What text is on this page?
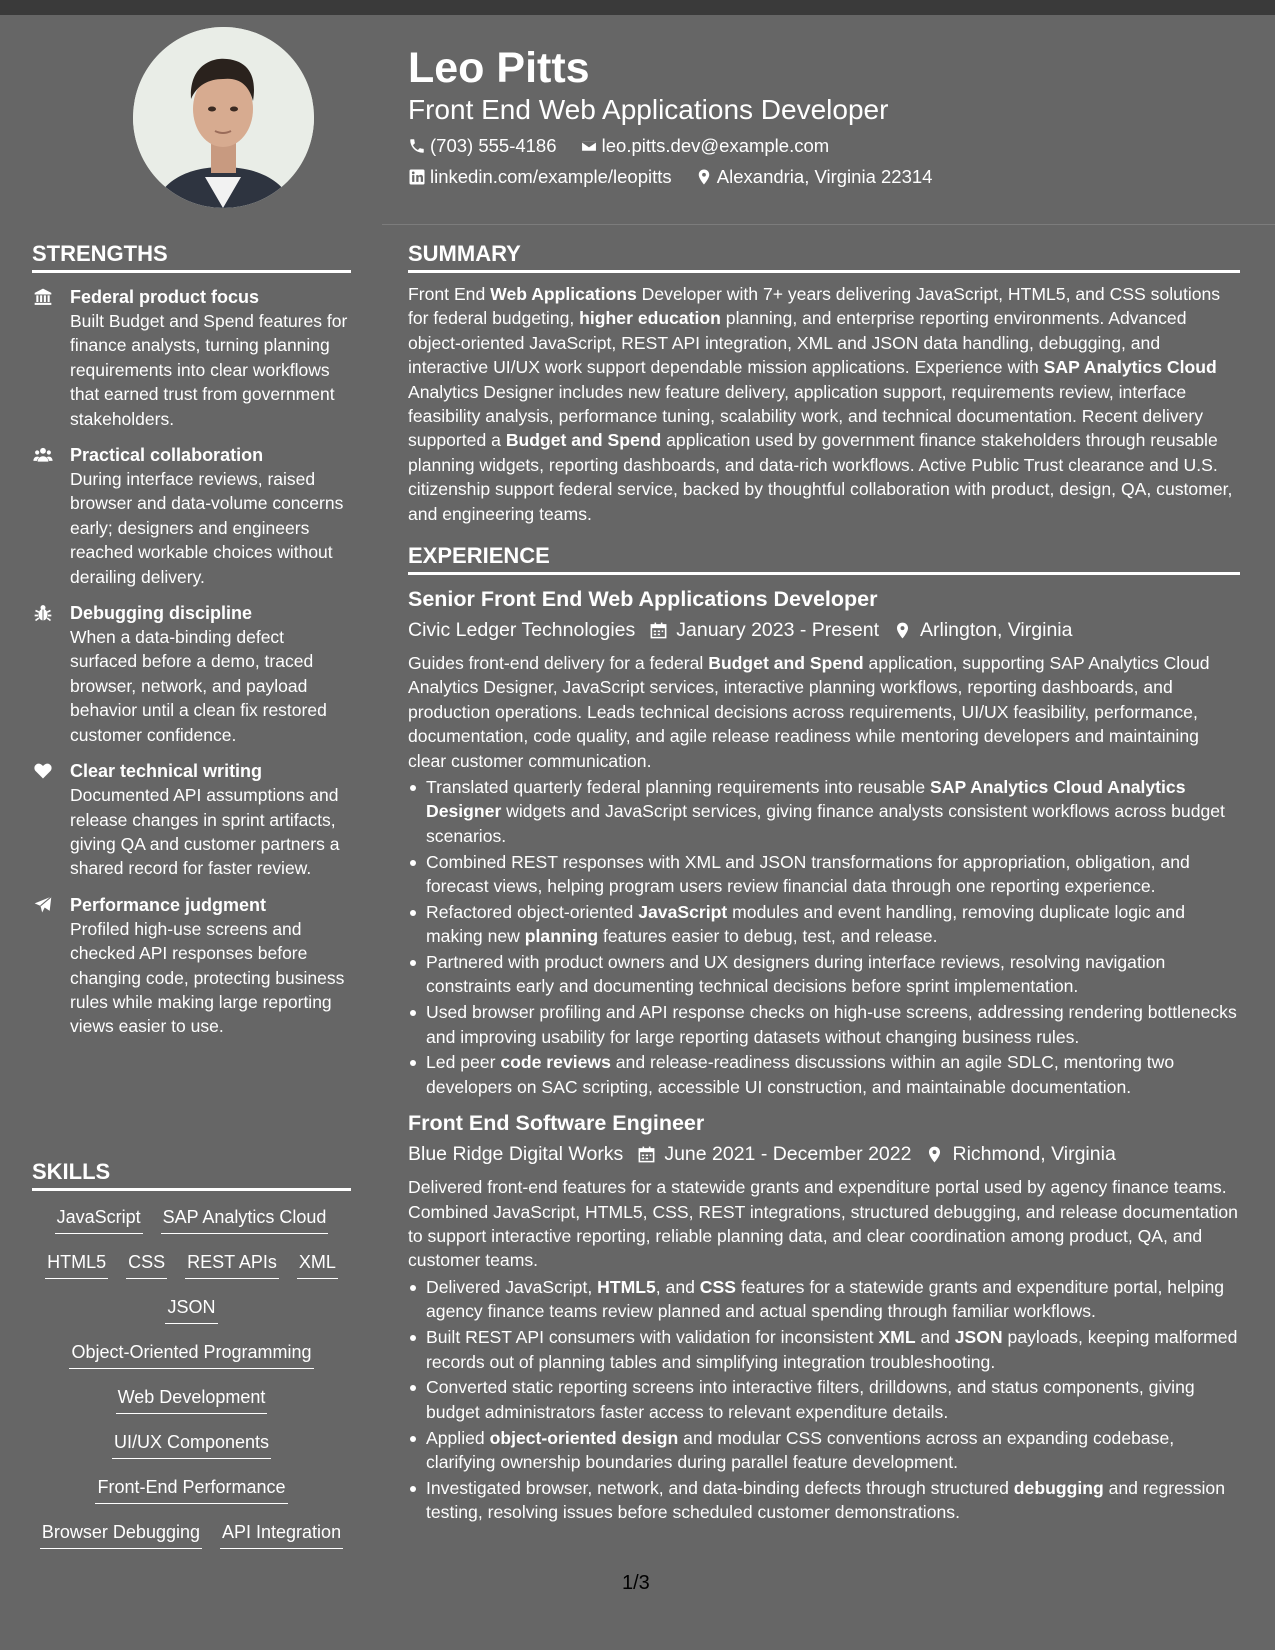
STRENGTHS
Federal product focus
Built Budget and Spend features for finance analysts, turning planning requirements into clear workflows that earned trust from government stakeholders.
Practical collaboration
During interface reviews, raised browser and data-volume concerns early; designers and engineers reached workable choices without derailing delivery.
Debugging discipline
When a data-binding defect surfaced before a demo, traced browser, network, and payload behavior until a clean fix restored customer confidence.
Clear technical writing
Documented API assumptions and release changes in sprint artifacts, giving QA and customer partners a shared record for faster review.
Performance judgment
Profiled high-use screens and checked API responses before changing code, protecting business rules while making large reporting views easier to use.
SKILLS
JavaScript SAP Analytics Cloud
HTML5 CSS REST APIs XML
JSON
Object-Oriented Programming
Web Development
UI/UX Components
Front-End Performance
Browser Debugging API Integration
Leo Pitts
Front End Web Applications Developer
(703) 555-4186
leo.pitts.dev@example.com
linkedin.com/example/leopitts
Alexandria, Virginia 22314
SUMMARY

Front End Web Applications Developer with 7+ years delivering JavaScript, HTML5, and CSS solutions for federal budgeting, higher education planning, and enterprise reporting environments. Advanced object-oriented JavaScript, REST API integration, XML and JSON data handling, debugging, and interactive UI/UX work support dependable mission applications. Experience with SAP Analytics Cloud Analytics Designer includes new feature delivery, application support, requirements review, interface feasibility analysis, performance tuning, scalability work, and technical documentation. Recent delivery supported a Budget and Spend application used by government finance stakeholders through reusable planning widgets, reporting dashboards, and data-rich workflows. Active Public Trust clearance and U.S. citizenship support federal service, backed by thoughtful collaboration with product, design, QA, customer, and engineering teams.

EXPERIENCE
Senior Front End Web Applications Developer
Civic Ledger Technologies January 2023 - Present Arlington, Virginia
Guides front-end delivery for a federal Budget and Spend application, supporting SAP Analytics Cloud Analytics Designer, JavaScript services, interactive planning workflows, reporting dashboards, and production operations. Leads technical decisions across requirements, UI/UX feasibility, performance, documentation, code quality, and agile release readiness while mentoring developers and maintaining clear customer communication.
Translated quarterly federal planning requirements into reusable SAP Analytics Cloud Analytics Designer widgets and JavaScript services, giving finance analysts consistent workflows across budget scenarios.
Combined REST responses with XML and JSON transformations for appropriation, obligation, and forecast views, helping program users review financial data through one reporting experience.
Refactored object-oriented JavaScript modules and event handling, removing duplicate logic and making new planning features easier to debug, test, and release.
Partnered with product owners and UX designers during interface reviews, resolving navigation constraints early and documenting technical decisions before sprint implementation.
Used browser profiling and API response checks on high-use screens, addressing rendering bottlenecks and improving usability for large reporting datasets without changing business rules.
Led peer code reviews and release-readiness discussions within an agile SDLC, mentoring two developers on SAC scripting, accessible UI construction, and maintainable documentation.
Front End Software Engineer
Blue Ridge Digital Works June 2021 - December 2022 Richmond, Virginia
Delivered front-end features for a statewide grants and expenditure portal used by agency finance teams. Combined JavaScript, HTML5, CSS, REST integrations, structured debugging, and release documentation to support interactive reporting, reliable planning data, and clear coordination among product, QA, and customer teams.
Delivered JavaScript, HTML5, and CSS features for a statewide grants and expenditure portal, helping agency finance teams review planned and actual spending through familiar workflows.
Built REST API consumers with validation for inconsistent XML and JSON payloads, keeping malformed records out of planning tables and simplifying integration troubleshooting.
Converted static reporting screens into interactive filters, drilldowns, and status components, giving budget administrators faster access to relevant expenditure details.
Applied object-oriented design and modular CSS conventions across an expanding codebase, clarifying ownership boundaries during parallel feature development.
Investigated browser, network, and data-binding defects through structured debugging and regression testing, resolving issues before scheduled customer demonstrations.
1/3
